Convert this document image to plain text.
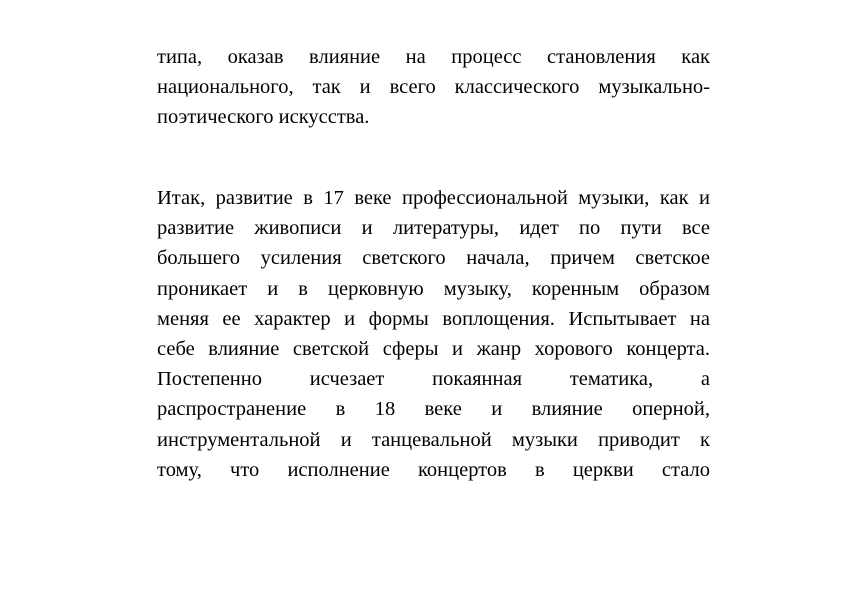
типа, оказав влияние на процесс становления как
национального, так и всего классического музыкально-
поэтического искусства.
Итак, развитие в 17 веке профессиональной музыки, как и
развитие живописи и литературы, идет по пути все
большего усиления светского начала, причем светское
проникает и в церковную музыку, коренным образом
меняя ее характер и формы воплощения. Испытывает на
себе влияние светской сферы и жанр хорового концерта.
Постепенно исчезает покаянная тематика, а
распространение в 18 веке и влияние оперной,
инструментальной и танцевальной музыки приводит к
тому, что исполнение концертов в церкви стало
